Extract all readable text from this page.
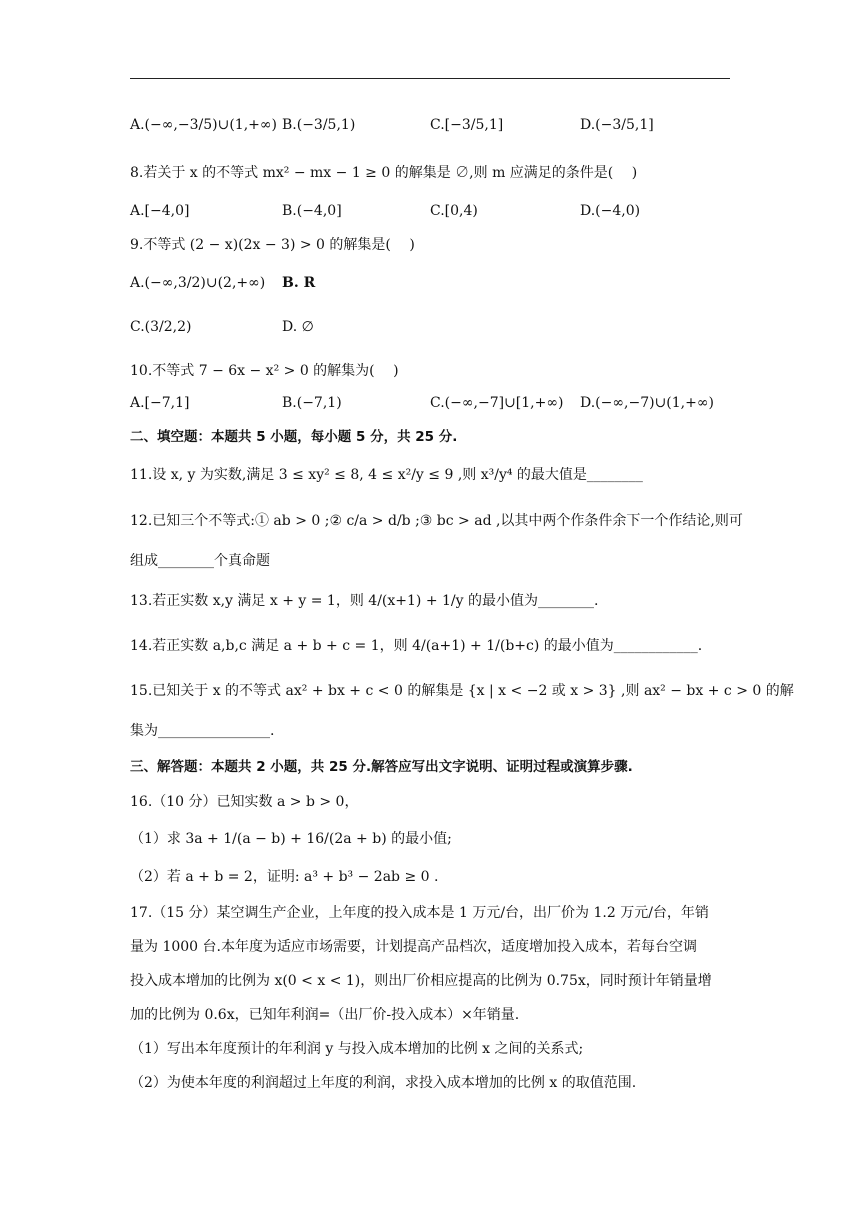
A.(−∞,−3/5)∪(1,+∞) B.(−3/5,1)	C.[−3/5,1]	D.(−3/5,1]
8.若关于 x 的不等式 mx² − mx − 1 ≥ 0 的解集是 ∅,则 m 应满足的条件是(　 )
A.[−4,0]	B.(−4,0]	C.[0,4)	D.(−4,0)
9.不等式 (2 − x)(2x − 3) > 0 的解集是(　 )
A.(−∞,3/2)∪(2,+∞) B. R
C.(3/2,2)	D. ∅
10.不等式 7 − 6x − x² > 0 的解集为(　 )
A.[−7,1]	B.(−7,1)	C.(−∞,−7]∪[1,+∞) D.(−∞,−7)∪(1,+∞)
二、填空题：本题共 5 小题，每小题 5 分，共 25 分.
11.设 x, y 为实数,满足 3 ≤ xy² ≤ 8, 4 ≤ x²/y ≤ 9 ,则 x³/y⁴ 的最大值是________
12.已知三个不等式:① ab > 0 ;② c/a > d/b ;③ bc > ad ,以其中两个作条件余下一个作结论,则可
组成________个真命题
13.若正实数 x,y 满足 x + y = 1，则 4/(x+1) + 1/y 的最小值为________.
14.若正实数 a,b,c 满足 a + b + c = 1，则 4/(a+1) + 1/(b+c) 的最小值为____________.
15.已知关于 x 的不等式 ax² + bx + c < 0 的解集是 {x | x < −2 或 x > 3} ,则 ax² − bx + c > 0 的解
集为________________.
三、解答题：本题共 2 小题，共 25 分.解答应写出文字说明、证明过程或演算步骤.
16.（10 分）已知实数 a > b > 0，
（1）求 3a + 1/(a − b) + 16/(2a + b) 的最小值;
（2）若 a + b = 2，证明: a³ + b³ − 2ab ≥ 0 .
17.（15 分）某空调生产企业，上年度的投入成本是 1 万元/台，出厂价为 1.2 万元/台，年销
量为 1000 台.本年度为适应市场需要，计划提高产品档次，适度增加投入成本，若每台空调
投入成本增加的比例为 x(0 < x < 1)，则出厂价相应提高的比例为 0.75x，同时预计年销量增
加的比例为 0.6x，已知年利润=（出厂价-投入成本）×年销量.
（1）写出本年度预计的年利润 y 与投入成本增加的比例 x 之间的关系式;
（2）为使本年度的利润超过上年度的利润，求投入成本增加的比例 x 的取值范围.
